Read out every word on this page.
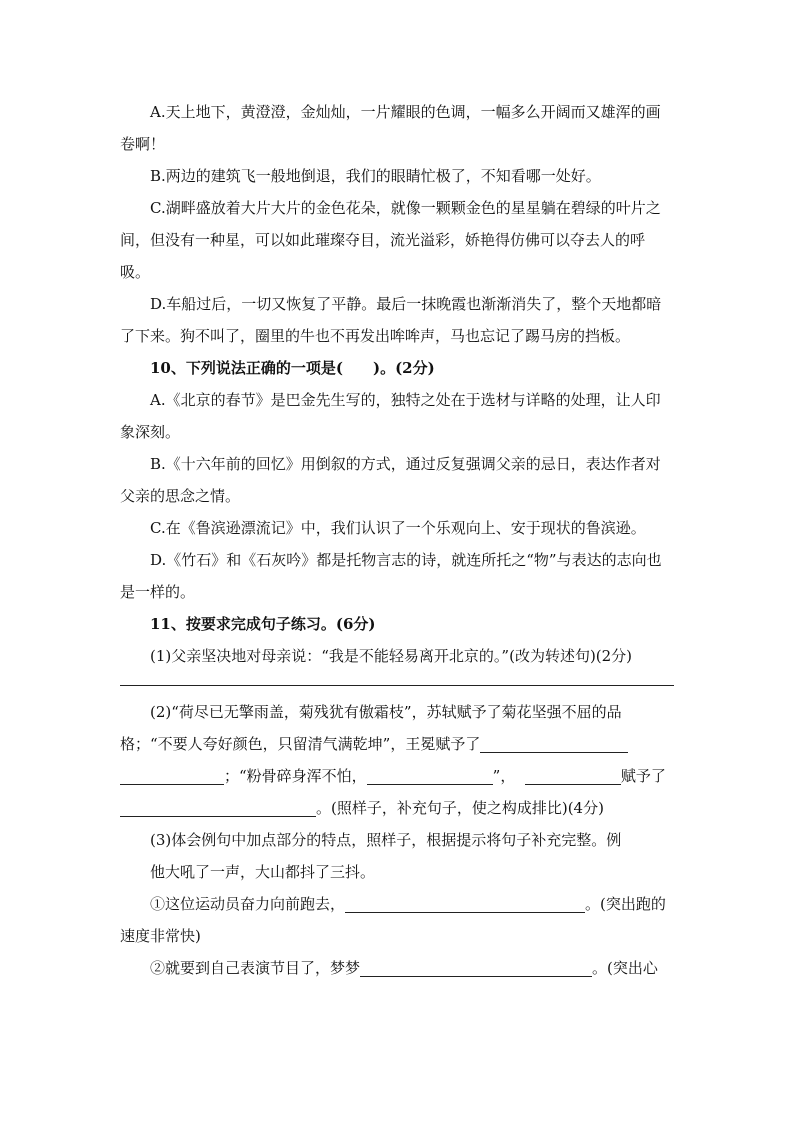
A.天上地下，黄澄澄，金灿灿，一片耀眼的色调，一幅多么开阔而又雄浑的画卷啊！

B.两边的建筑飞一般地倒退，我们的眼睛忙极了，不知看哪一处好。

C.湖畔盛放着大片大片的金色花朵，就像一颗颗金色的星星躺在碧绿的叶片之间，但没有一种星，可以如此璀璨夺目，流光溢彩，娇艳得仿佛可以夺去人的呼吸。

D.车船过后，一切又恢复了平静。最后一抹晚霞也渐渐消失了，整个天地都暗了下来。狗不叫了，圈里的牛也不再发出哞哞声，马也忘记了踢马房的挡板。

10、下列说法正确的一项是(　　)。(2分)

A.《北京的春节》是巴金先生写的，独特之处在于选材与详略的处理，让人印象深刻。

B.《十六年前的回忆》用倒叙的方式，通过反复强调父亲的忌日，表达作者对父亲的思念之情。

C.在《鲁滨逊漂流记》中，我们认识了一个乐观向上、安于现状的鲁滨逊。

D.《竹石》和《石灰吟》都是托物言志的诗，就连所托之“物”与表达的志向也是一样的。

11、按要求完成句子练习。(6分)

(1)父亲坚决地对母亲说：“我是不能轻易离开北京的。”(改为转述句)(2分)

(2)“荷尽已无擎雨盖，菊残犹有傲霜枝”，苏轼赋予了菊花坚强不屈的品格；“不要人夸好颜色，只留清气满乾坤”，王冕赋予了
；“粉骨碎身浑不怕，	”，	赋予了。(照样子，补充句子，使之构成排比)(4分)

(3)体会例句中加点部分的特点，照样子，根据提示将句子补充完整。例

他大吼了一声，大山都抖了三抖。

①这位运动员奋力向前跑去，	。(突出跑的速度非常快)

②就要到自己表演节目了，梦梦	。(突出心
